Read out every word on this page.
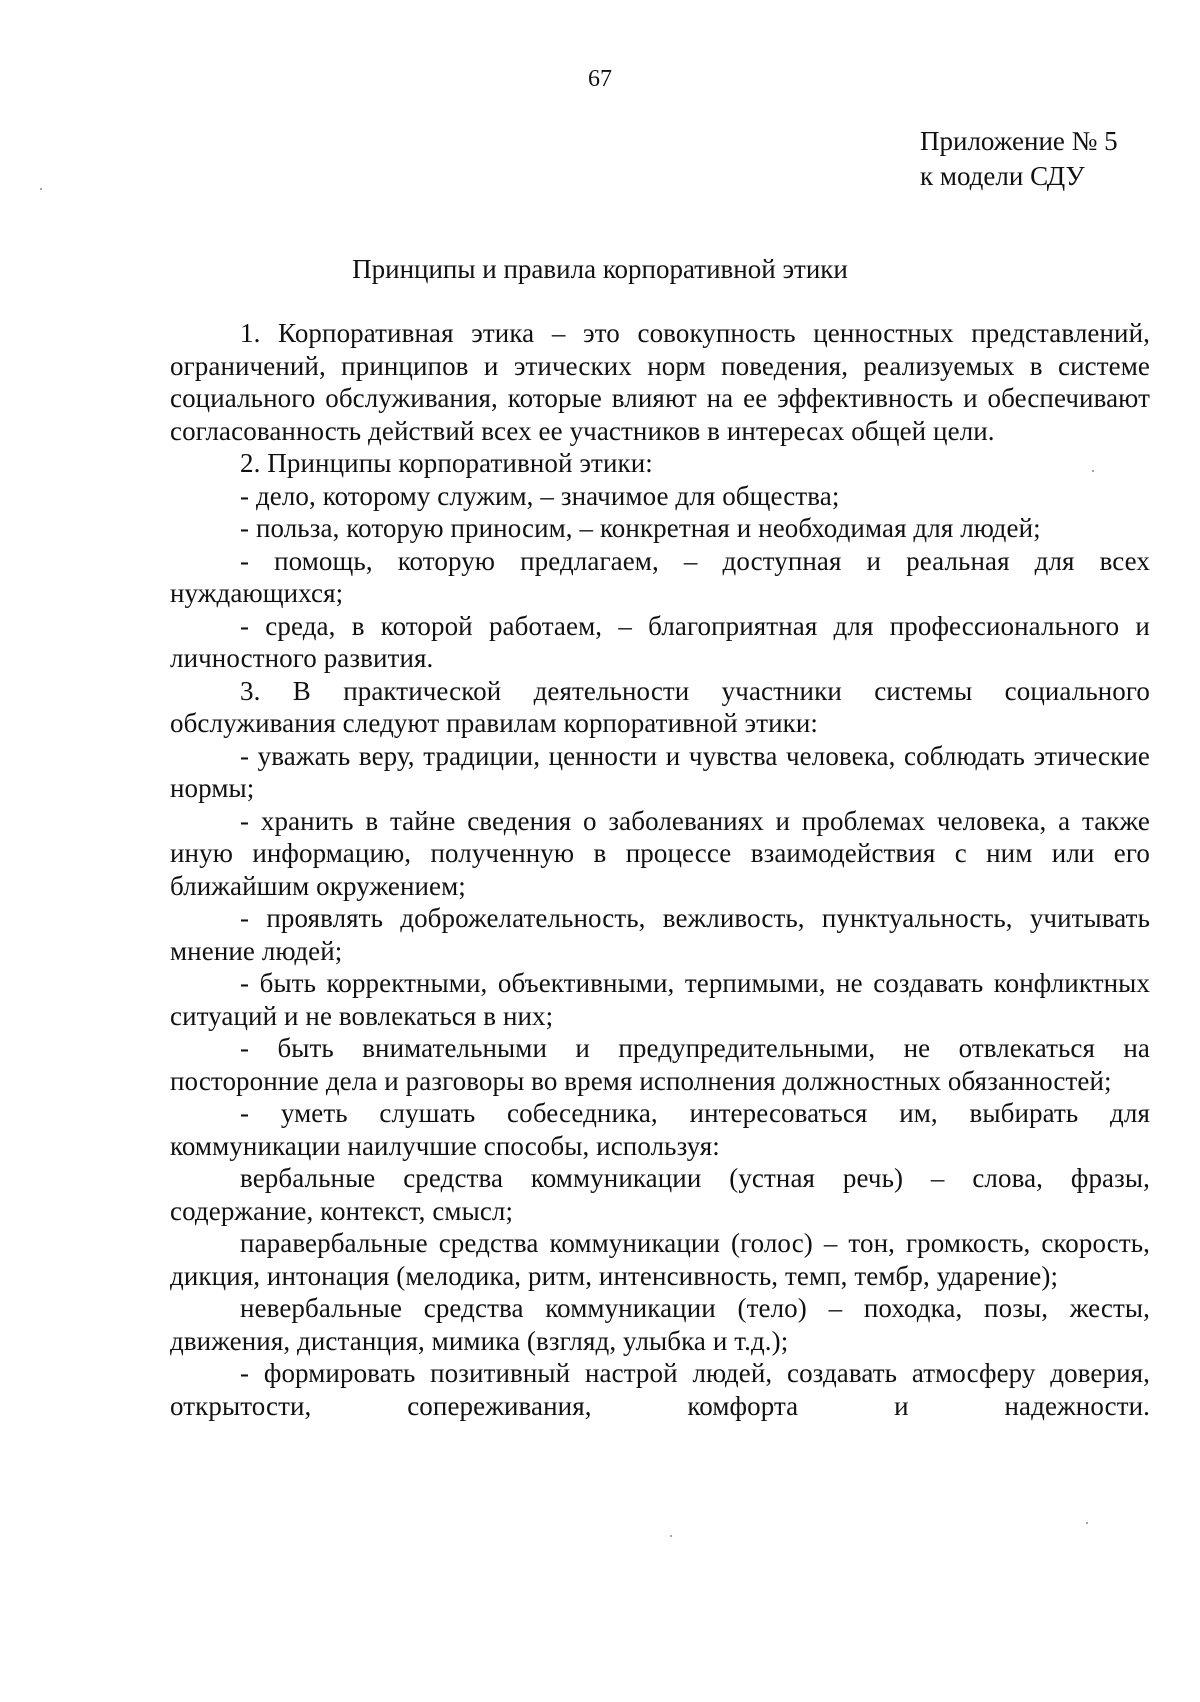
67
Приложение № 5
к модели СДУ
Принципы и правила корпоративной этики

1. Корпоративная этика – это совокупность ценностных представлений, ограничений, принципов и этических норм поведения, реализуемых в системе социального обслуживания, которые влияют на ее эффективность и обеспечивают согласованность действий всех ее участников в интересах общей цели.

2. Принципы корпоративной этики:

- дело, которому служим, – значимое для общества;

- польза, которую приносим, – конкретная и необходимая для людей;

- помощь, которую предлагаем, – доступная и реальная для всех нуждающихся;

- среда, в которой работаем, – благоприятная для профессионального и личностного развития.

3. В практической деятельности участники системы социального обслуживания следуют правилам корпоративной этики:

- уважать веру, традиции, ценности и чувства человека, соблюдать этические нормы;

- хранить в тайне сведения о заболеваниях и проблемах человека, а также иную информацию, полученную в процессе взаимодействия с ним или его ближайшим окружением;

- проявлять доброжелательность, вежливость, пунктуальность, учитывать мнение людей;

- быть корректными, объективными, терпимыми, не создавать конфликтных ситуаций и не вовлекаться в них;

- быть внимательными и предупредительными, не отвлекаться на посторонние дела и разговоры во время исполнения должностных обязанностей;

- уметь слушать собеседника, интересоваться им, выбирать для коммуникации наилучшие способы, используя:

вербальные средства коммуникации (устная речь) – слова, фразы, содержание, контекст, смысл;

паравербальные средства коммуникации (голос) – тон, громкость, скорость, дикция, интонация (мелодика, ритм, интенсивность, темп, тембр, ударение);

невербальные средства коммуникации (тело) – походка, позы, жесты, движения, дистанция, мимика (взгляд, улыбка и т.д.);

- формировать позитивный настрой людей, создавать атмосферу доверия, открытости, сопереживания, комфорта и надежности.
